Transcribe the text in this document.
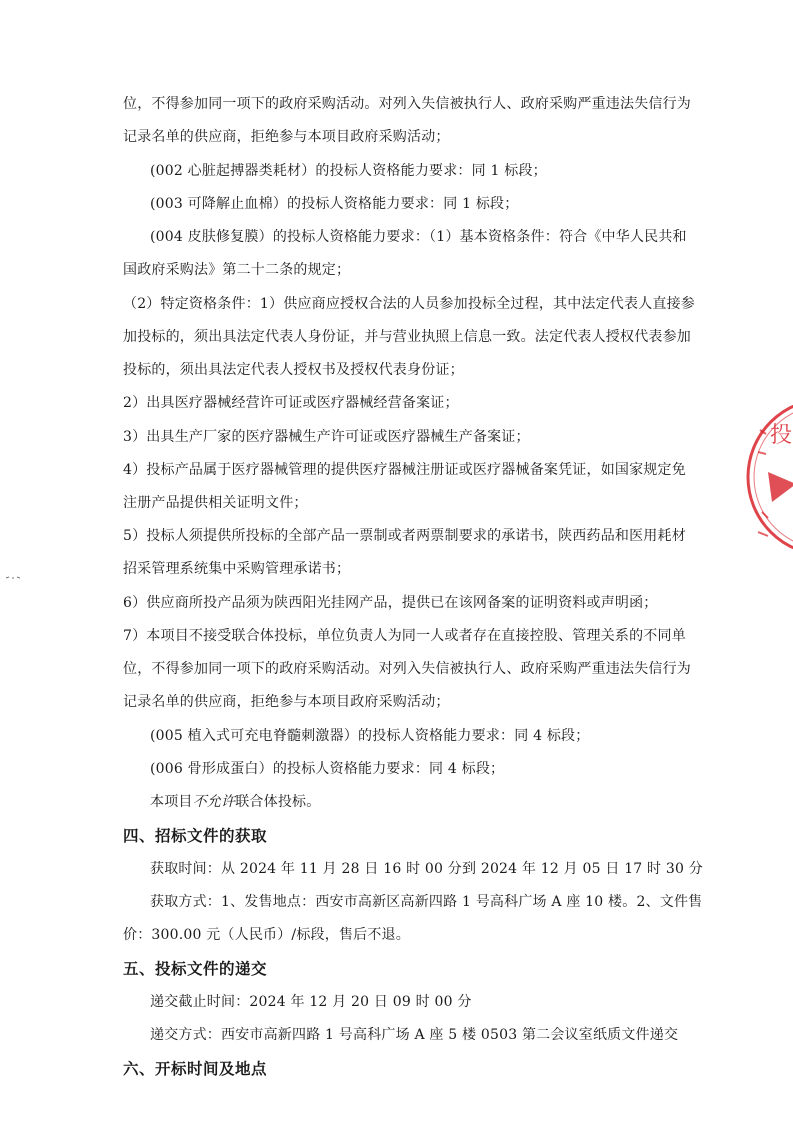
位，不得参加同一项下的政府采购活动。对列入失信被执行人、政府采购严重违法失信行为
记录名单的供应商，拒绝参与本项目政府采购活动；
(002 心脏起搏器类耗材）的投标人资格能力要求：同 1 标段；
(003 可降解止血棉）的投标人资格能力要求：同 1 标段；
(004 皮肤修复膜）的投标人资格能力要求：（1）基本资格条件：符合《中华人民共和
国政府采购法》第二十二条的规定；
（2）特定资格条件：1）供应商应授权合法的人员参加投标全过程，其中法定代表人直接参
加投标的，须出具法定代表人身份证，并与营业执照上信息一致。法定代表人授权代表参加
投标的，须出具法定代表人授权书及授权代表身份证；
2）出具医疗器械经营许可证或医疗器械经营备案证；
3）出具生产厂家的医疗器械生产许可证或医疗器械生产备案证；
4）投标产品属于医疗器械管理的提供医疗器械注册证或医疗器械备案凭证，如国家规定免
注册产品提供相关证明文件；
5）投标人须提供所投标的全部产品一票制或者两票制要求的承诺书，陕西药品和医用耗材
招采管理系统集中采购管理承诺书；
6）供应商所投产品须为陕西阳光挂网产品，提供已在该网备案的证明资料或声明函；
7）本项目不接受联合体投标，单位负责人为同一人或者存在直接控股、管理关系的不同单
位，不得参加同一项下的政府采购活动。对列入失信被执行人、政府采购严重违法失信行为
记录名单的供应商，拒绝参与本项目政府采购活动；
(005 植入式可充电脊髓刺激器）的投标人资格能力要求：同 4 标段；
(006 骨形成蛋白）的投标人资格能力要求：同 4 标段；
本项目不允许联合体投标。
四、招标文件的获取
获取时间：从 2024 年 11 月 28 日 16 时 00 分到 2024 年 12 月 05 日 17 时 30 分
获取方式：1、发售地点：西安市高新区高新四路 1 号高科广场 A 座 10 楼。2、文件售
价：300.00 元（人民币）/标段，售后不退。
五、投标文件的递交
递交截止时间：2024 年 12 月 20 日 09 时 00 分
递交方式：西安市高新四路 1 号高科广场 A 座 5 楼 0503 第二会议室纸质文件递交
六、开标时间及地点
投
